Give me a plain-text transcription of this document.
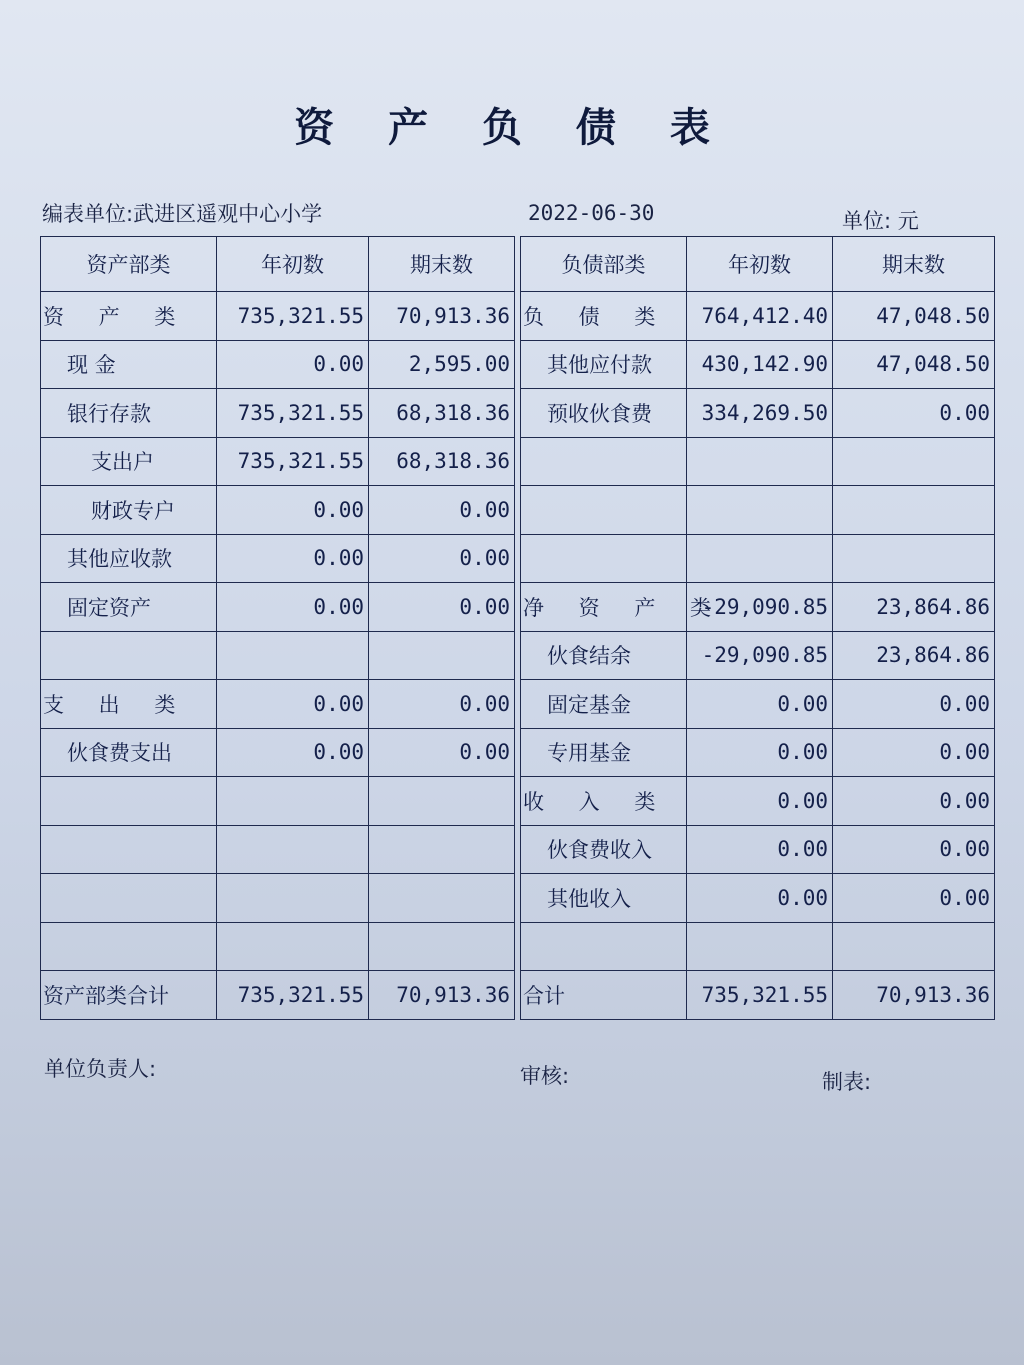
资 产 负 债 表
编表单位:武进区遥观中心小学	2022-06-30	单位: 元
资产部类	年初数	期末数		负债部类	年初数	期末数
资 产 类	735,321.55	70,913.36		负 债 类	764,412.40	47,048.50
现 金	0.00	2,595.00		其他应付款	430,142.90	47,048.50
银行存款	735,321.55	68,318.36		预收伙食费	334,269.50	0.00
支出户	735,321.55	68,318.36				
财政专户	0.00	0.00				
其他应收款	0.00	0.00				
固定资产	0.00	0.00		净 资 产 类	-29,090.85	23,864.86
				伙食结余	-29,090.85	23,864.86
支 出 类	0.00	0.00		固定基金	0.00	0.00
伙食费支出	0.00	0.00		专用基金	0.00	0.00
				收 入 类	0.00	0.00
				伙食费收入	0.00	0.00
				其他收入	0.00	0.00

资产部类合计	735,321.55	70,913.36		合计	735,321.55	70,913.36
单位负责人:	审核:	制表:
